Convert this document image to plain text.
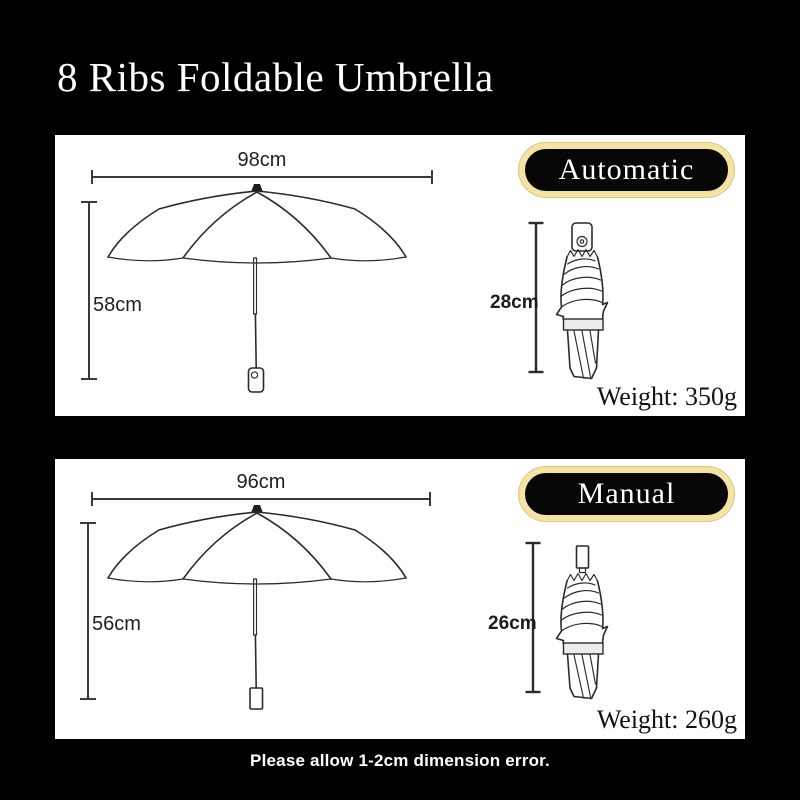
8 Ribs Foldable Umbrella
98cm
58cm	28cm
Automatic
Weight: 350g
96cm
56cm	26cm
Manual
Weight: 260g
Please allow 1-2cm dimension error.
